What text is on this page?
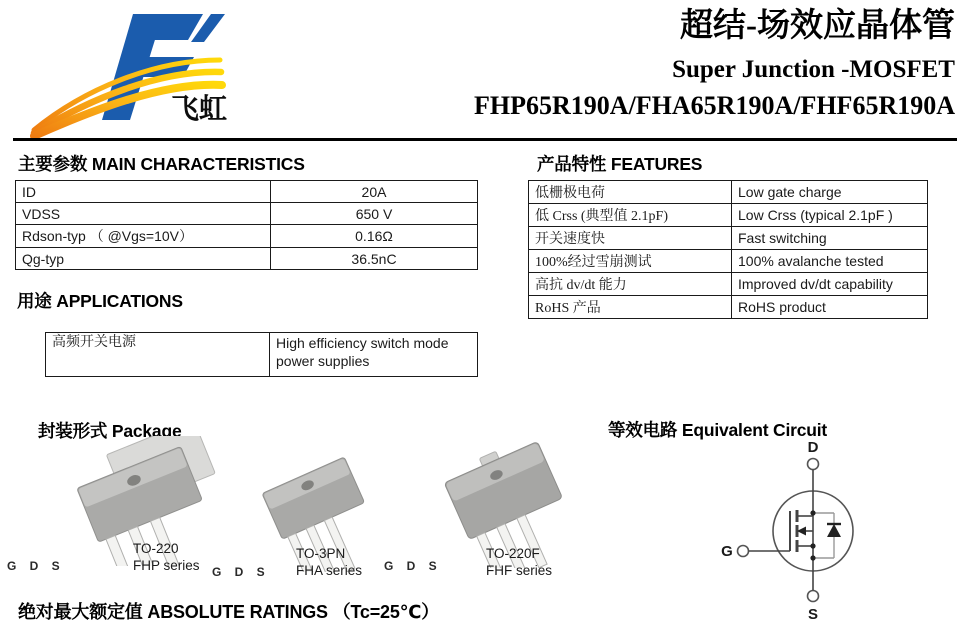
飞虹
超结-场效应晶体管
Super Junction -MOSFET
FHP65R190A/FHA65R190A/FHF65R190A
主要参数 MAIN CHARACTERISTICS
ID	20A
VDSS	650 V
Rdson-typ （ @Vgs=10V）	0.16Ω
Qg-typ	36.5nC
产品特性 FEATURES
低栅极电荷	Low gate charge
低 Crss (典型值 2.1pF)	Low Crss (typical 2.1pF )
开关速度快	Fast switching
100%经过雪崩测试	100% avalanche tested
高抗 dv/dt 能力	Improved dv/dt capability
RoHS 产品	RoHS product
用途 APPLICATIONS
高频开关电源	High efficiency switch mode power supplies
封装形式 Package
TO-220
FHP series
TO-3PN
FHA series
TO-220F
FHF series
G D S	G D S	G D S
等效电路 Equivalent Circuit
D
G
S
绝对最大额定值 ABSOLUTE RATINGS （Tc=25℃）
